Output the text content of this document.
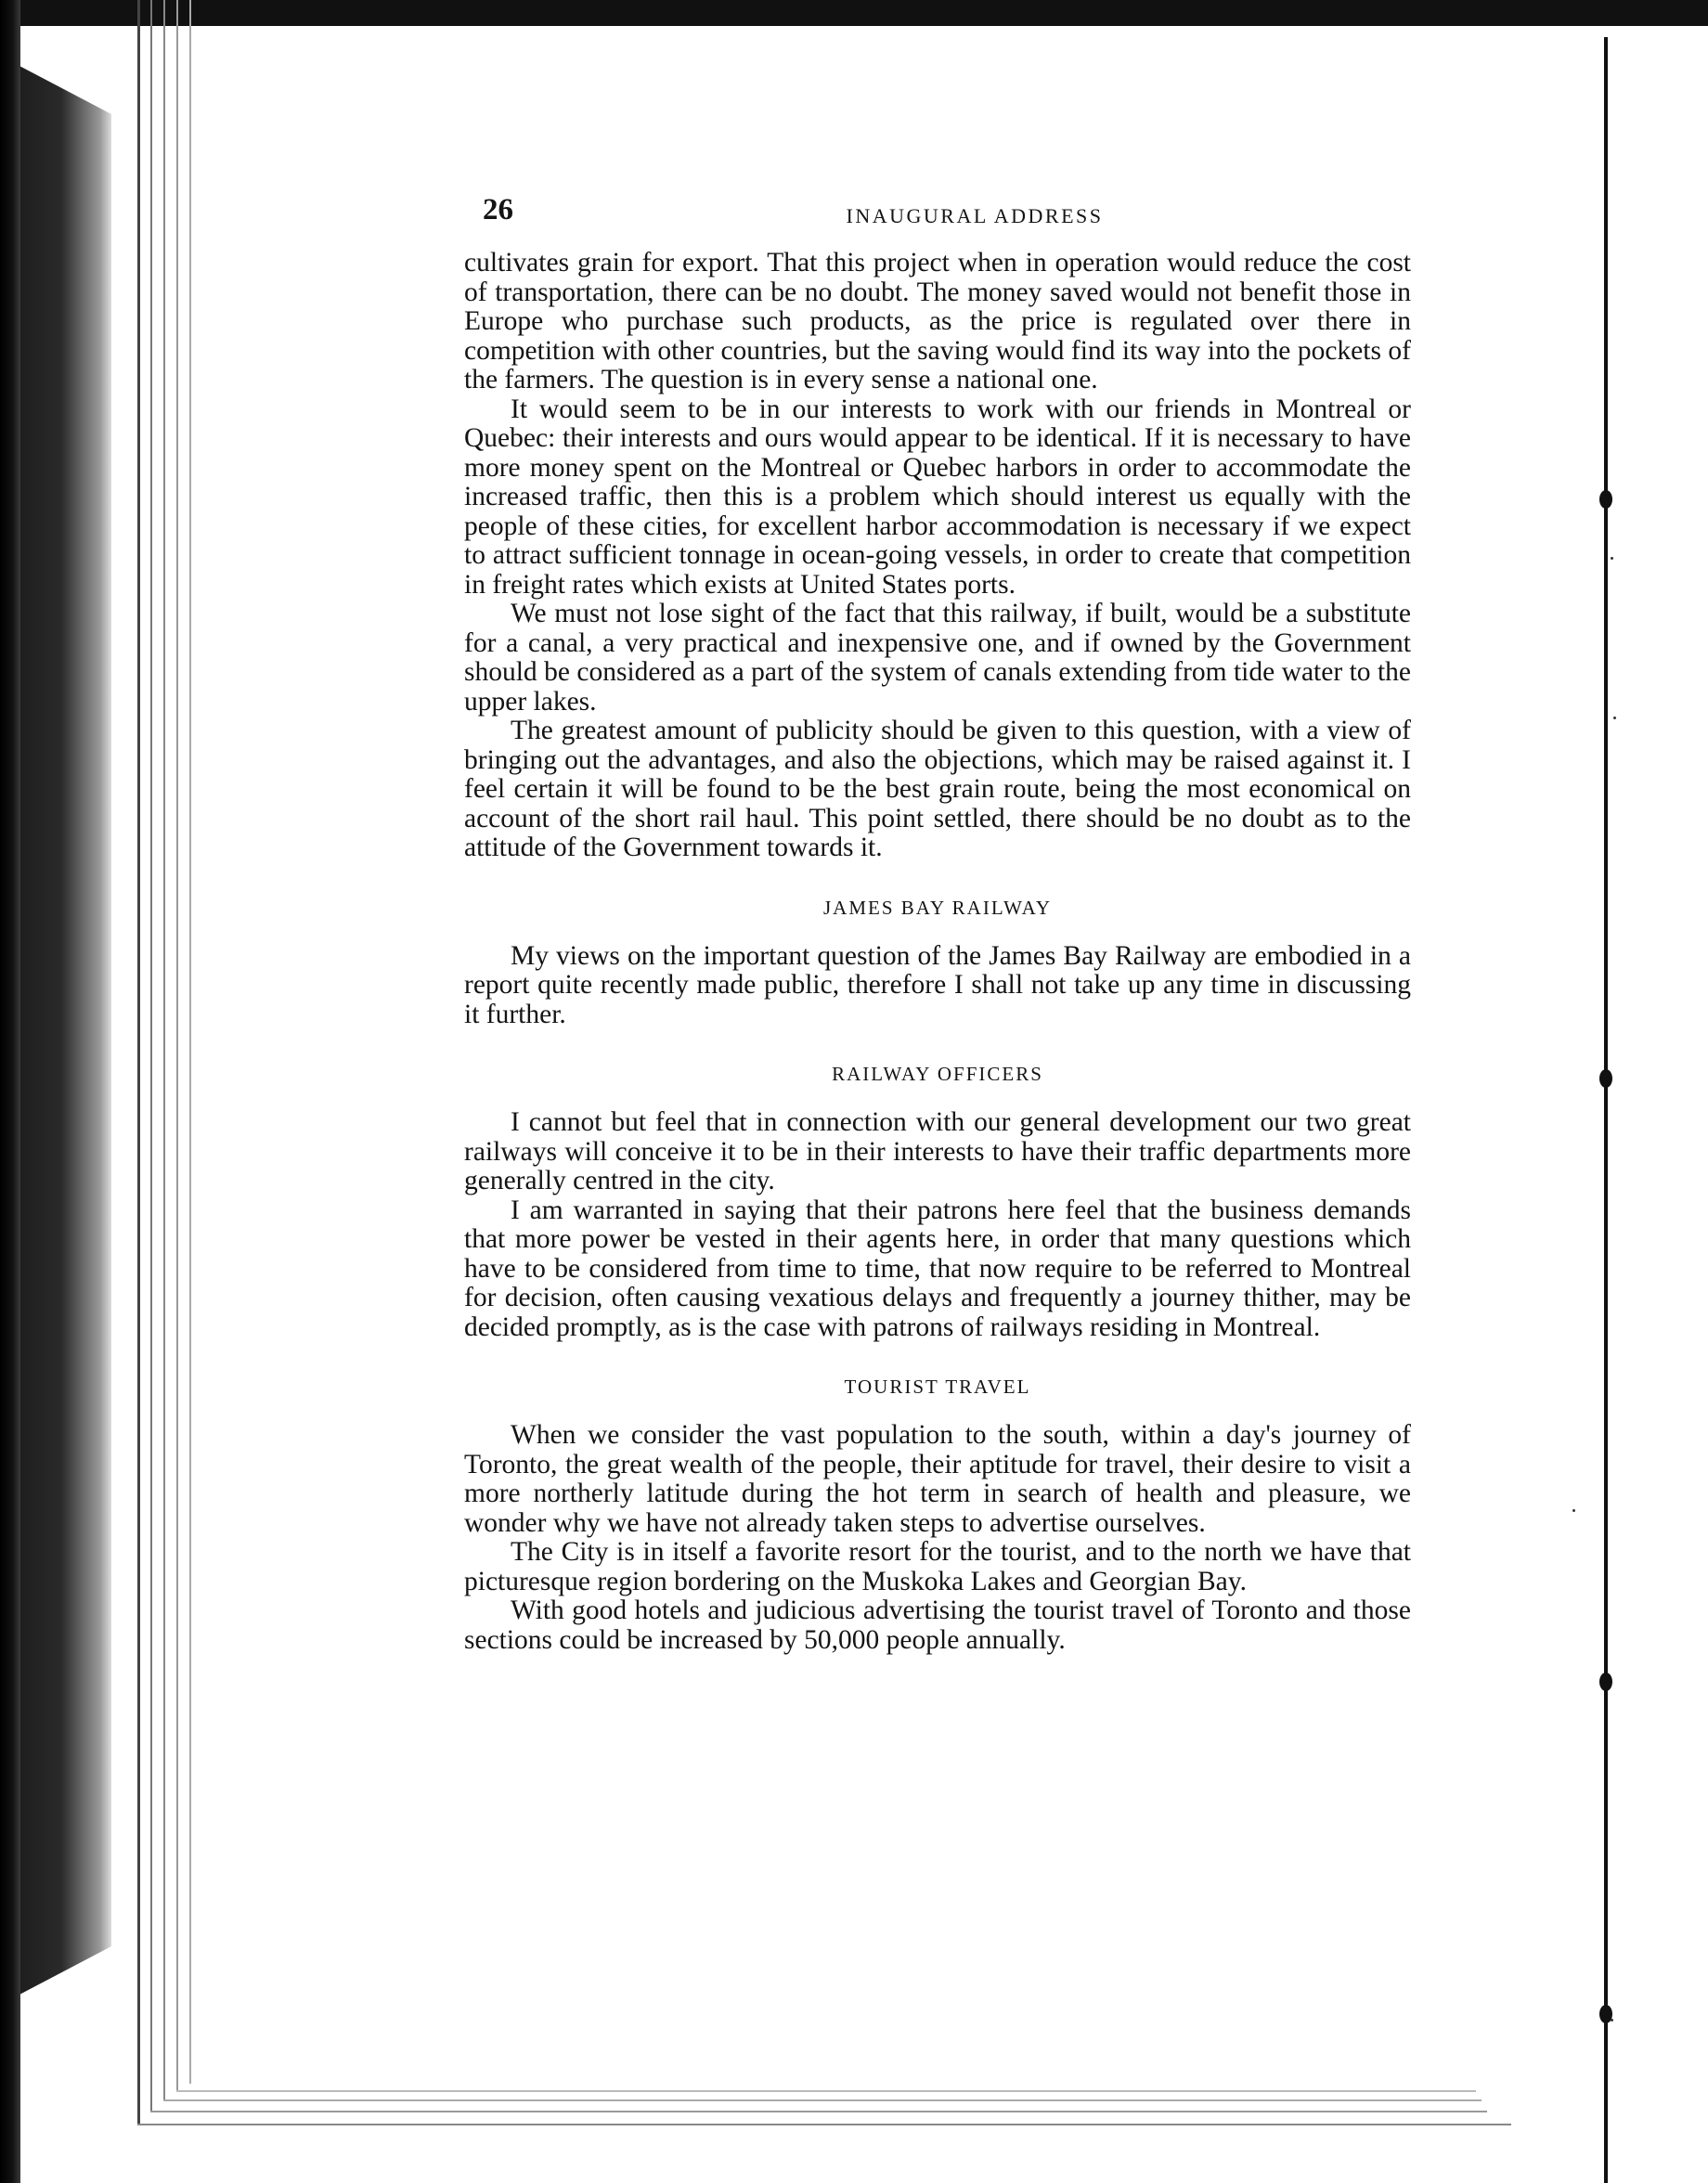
26	INAUGURAL ADDRESS

cultivates grain for export. That this project when in operation would reduce the cost of transportation, there can be no doubt. The money saved would not benefit those in Europe who purchase such products, as the price is regulated over there in competition with other countries, but the saving would find its way into the pockets of the farmers. The question is in every sense a national one.

It would seem to be in our interests to work with our friends in Montreal or Quebec: their interests and ours would appear to be identical. If it is necessary to have more money spent on the Montreal or Quebec harbors in order to accommodate the increased traffic, then this is a problem which should interest us equally with the people of these cities, for excellent harbor accommodation is necessary if we expect to attract sufficient tonnage in ocean-going vessels, in order to create that competition in freight rates which exists at United States ports.

We must not lose sight of the fact that this railway, if built, would be a substitute for a canal, a very practical and inexpensive one, and if owned by the Government should be considered as a part of the system of canals extending from tide water to the upper lakes.

The greatest amount of publicity should be given to this question, with a view of bringing out the advantages, and also the objections, which may be raised against it. I feel certain it will be found to be the best grain route, being the most economical on account of the short rail haul. This point settled, there should be no doubt as to the attitude of the Government towards it.

JAMES BAY RAILWAY

My views on the important question of the James Bay Railway are embodied in a report quite recently made public, therefore I shall not take up any time in discussing it further.

RAILWAY OFFICERS

I cannot but feel that in connection with our general development our two great railways will conceive it to be in their interests to have their traffic departments more generally centred in the city.

I am warranted in saying that their patrons here feel that the business demands that more power be vested in their agents here, in order that many questions which have to be considered from time to time, that now require to be referred to Montreal for decision, often causing vexatious delays and frequently a journey thither, may be decided promptly, as is the case with patrons of railways residing in Montreal.

TOURIST TRAVEL

When we consider the vast population to the south, within a day's journey of Toronto, the great wealth of the people, their aptitude for travel, their desire to visit a more northerly latitude during the hot term in search of health and pleasure, we wonder why we have not already taken steps to advertise ourselves.

The City is in itself a favorite resort for the tourist, and to the north we have that picturesque region bordering on the Muskoka Lakes and Georgian Bay.

With good hotels and judicious advertising the tourist travel of Toronto and those sections could be increased by 50,000 people annually.
